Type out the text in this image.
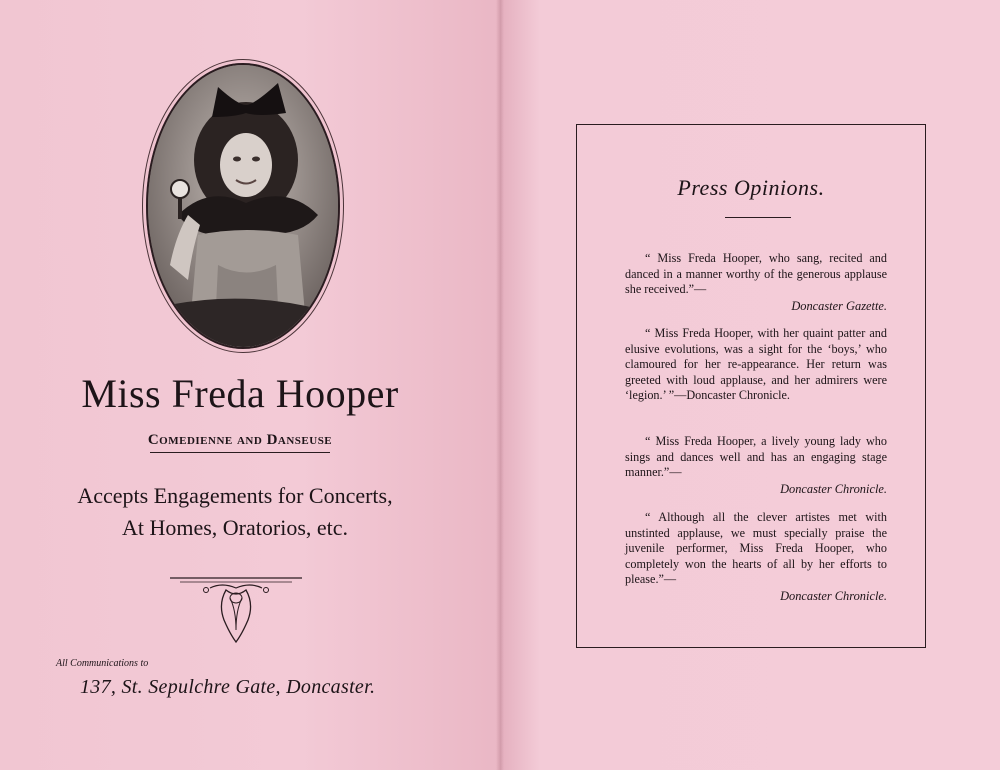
Miss Freda Hooper
Comedienne and Danseuse
Accepts Engagements for Concerts,
At Homes, Oratorios, etc.
All Communications to
137, St. Sepulchre Gate, Doncaster.
Press Opinions.

“ Miss Freda Hooper, who sang, recited and danced in a manner worthy of the generous applause she received.”—

Doncaster Gazette.

“ Miss Freda Hooper, with her quaint patter and elusive evolutions, was a sight for the ‘boys,’ who clamoured for her re-appearance. Her return was greeted with loud applause, and her admirers were ‘legion.’ ”—Doncaster Chronicle.

“ Miss Freda Hooper, a lively young lady who sings and dances well and has an engaging stage manner.”—

Doncaster Chronicle.

“ Although all the clever artistes met with unstinted applause, we must specially praise the juvenile performer, Miss Freda Hooper, who completely won the hearts of all by her efforts to please.”—

Doncaster Chronicle.
